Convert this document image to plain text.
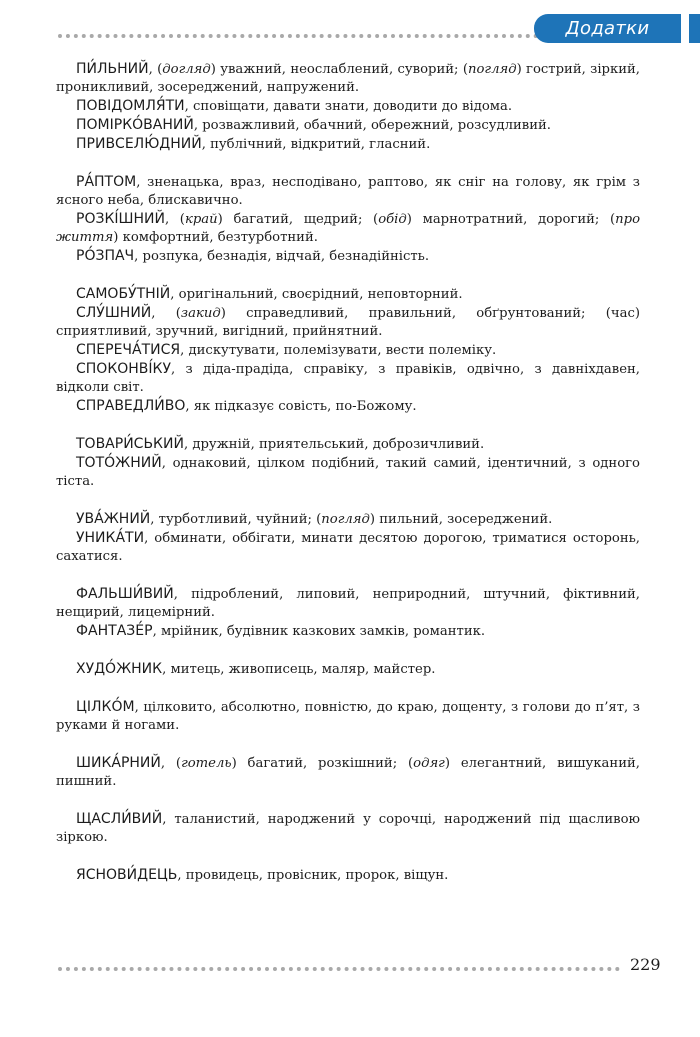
Додатки

ПИ́ЛЬНИЙ, (догляд) уважний, неослаблений, суворий; (погляд) гострий, зіркий, проникливий, зосереджений, напружений.

ПОВІДОМЛЯ́ТИ, сповіщати, давати знати, доводити до відома.

ПОМІРКО́ВАНИЙ, розважливий, обачний, обережний, розсудливий.

ПРИВСЕЛЮ́ДНИЙ, публічний, відкритий, гласний.

РА́ПТОМ, зненацька, враз, несподівано, раптово, як сніг на голову, як грім з ясного неба, блискавично.

РОЗКІ́ШНИЙ, (край) багатий, щедрий; (обід) марнотратний, дорогий; (про життя) комфортний, безтурботний.

РО́ЗПАЧ, розпука, безнадія, відчай, безнадійність.

САМОБУ́ТНІЙ, оригінальний, своєрідний, неповторний.

СЛУ́ШНИЙ, (закид) справедливий, правильний, обґрунтований; (час) сприятливий, зручний, вигідний, прийнятний.

СПЕРЕЧА́ТИСЯ, дискутувати, полемізувати, вести полеміку.

СПОКОНВІ́КУ, з діда-прадіда, справіку, з правіків, одвічно, з давніхдавен, відколи світ.

СПРАВЕДЛИ́ВО, як підказує совість, по-Божому.

ТОВАРИ́СЬКИЙ, дружній, приятельський, доброзичливий.

ТОТО́ЖНИЙ, однаковий, цілком подібний, такий самий, ідентичний, з одного тіста.

УВА́ЖНИЙ, турботливий, чуйний; (погляд) пильний, зосереджений.

УНИКА́ТИ, обминати, оббігати, минати десятою дорогою, триматися осторонь, сахатися.

ФАЛЬШИ́ВИЙ, підроблений, липовий, неприродний, штучний, фіктивний, нещирий, лицемірний.

ФАНТАЗЕ́Р, мрійник, будівник казкових замків, романтик.

ХУДО́ЖНИК, митець, живописець, маляр, майстер.

ЦІЛКО́М, цілковито, абсолютно, повністю, до краю, дощенту, з голови до п’ят, з руками й ногами.

ШИКА́РНИЙ, (готель) багатий, розкішний; (одяг) елегантний, вишуканий, пишний.

ЩАСЛИ́ВИЙ, таланистий, народжений у сорочці, народжений під щасливою зіркою.

ЯСНОВИ́ДЕЦЬ, провидець, провісник, пророк, віщун.

229
